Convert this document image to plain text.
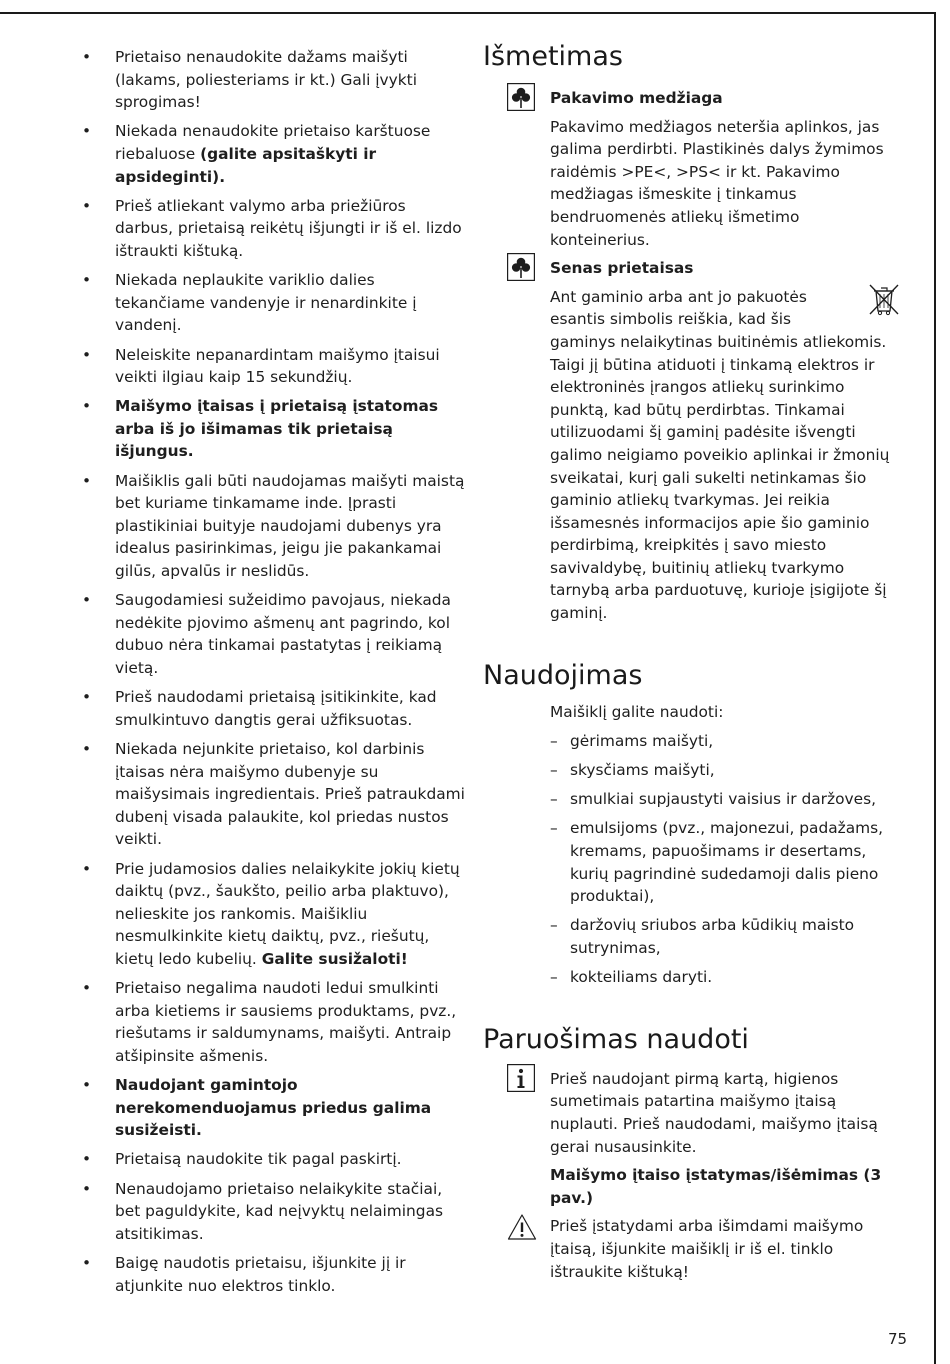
• Prietaiso nenaudokite dažams maišyti (lakams, poliesteriams ir kt.) Gali įvykti sprogimas!
• Niekada nenaudokite prietaiso karštuose riebaluose (galite apsitaškyti ir apsideginti).
• Prieš atliekant valymo arba priežiūros darbus, prietaisą reikėtų išjungti ir iš el. lizdo ištraukti kištuką.
• Niekada neplaukite variklio dalies tekančiame vandenyje ir nenardinkite į vandenį.
• Neleiskite nepanardintam maišymo įtaisui veikti ilgiau kaip 15 sekundžių.
• Maišymo įtaisas į prietaisą įstatomas arba iš jo išimamas tik prietaisą išjungus.
• Maišiklis gali būti naudojamas maišyti maistą bet kuriame tinkamame inde. Įprasti plastikiniai buityje naudojami dubenys yra idealus pasirinkimas, jeigu jie pakankamai gilūs, apvalūs ir neslidūs.
• Saugodamiesi sužeidimo pavojaus, niekada nedėkite pjovimo ašmenų ant pagrindo, kol dubuo nėra tinkamai pastatytas į reikiamą vietą.
• Prieš naudodami prietaisą įsitikinkite, kad smulkintuvo dangtis gerai užfiksuotas.
• Niekada nejunkite prietaiso, kol darbinis įtaisas nėra maišymo dubenyje su maišysimais ingredientais. Prieš patraukdami dubenį visada palaukite, kol priedas nustos veikti.
• Prie judamosios dalies nelaikykite jokių kietų daiktų (pvz., šaukšto, peilio arba plaktuvo), nelieskite jos rankomis. Maišikliu nesmulkinkite kietų daiktų, pvz., riešutų, kietų ledo kubelių. Galite susižaloti!
• Prietaiso negalima naudoti ledui smulkinti arba kietiems ir sausiems produktams, pvz., riešutams ir saldumynams, maišyti. Antraip atšipinsite ašmenis.
• Naudojant gamintojo nerekomenduojamus priedus galima susižeisti.
• Prietaisą naudokite tik pagal paskirtį.
• Nenaudojamo prietaiso nelaikykite stačiai, bet paguldykite, kad neįvyktų nelaimingas atsitikimas.
• Baigę naudotis prietaisu, išjunkite jį ir atjunkite nuo elektros tinklo.
Išmetimas
Pakavimo medžiaga

Pakavimo medžiagos neteršia aplinkos, jas galima perdirbti. Plastikinės dalys žymimos raidėmis >PE<, >PS< ir kt. Pakavimo medžiagas išmeskite į tinkamus bendruomenės atliekų išmetimo konteinerius.

Senas prietaisas

Ant gaminio arba ant jo pakuotės esantis simbolis reiškia, kad šis gaminys nelaikytinas buitinėmis atliekomis. Taigi jį būtina atiduoti į tinkamą elektros ir elektroninės įrangos atliekų surinkimo punktą, kad būtų perdirbtas. Tinkamai utilizuodami šį gaminį padėsite išvengti galimo neigiamo poveikio aplinkai ir žmonių sveikatai, kurį gali sukelti netinkamas šio gaminio atliekų tvarkymas. Jei reikia išsamesnės informacijos apie šio gaminio perdirbimą, kreipkitės į savo miesto savivaldybę, buitinių atliekų tvarkymo tarnybą arba parduotuvę, kurioje įsigijote šį gaminį.

Naudojimas

Maišiklį galite naudoti:

– gėrimams maišyti,
– skysčiams maišyti,
– smulkiai supjaustyti vaisius ir daržoves,
– emulsijoms (pvz., majonezui, padažams, kremams, papuošimams ir desertams, kurių pagrindinė sudedamoji dalis pieno produktai),
– daržovių sriubos arba kūdikių maisto sutrynimas,
– kokteiliams daryti.
Paruošimas naudoti

Prieš naudojant pirmą kartą, higienos sumetimais patartina maišymo įtaisą nuplauti. Prieš naudodami, maišymo įtaisą gerai nusausinkite.

Maišymo įtaiso įstatymas/išėmimas (3 pav.)

Prieš įstatydami arba išimdami maišymo įtaisą, išjunkite maišiklį ir iš el. tinklo ištraukite kištuką!

75
